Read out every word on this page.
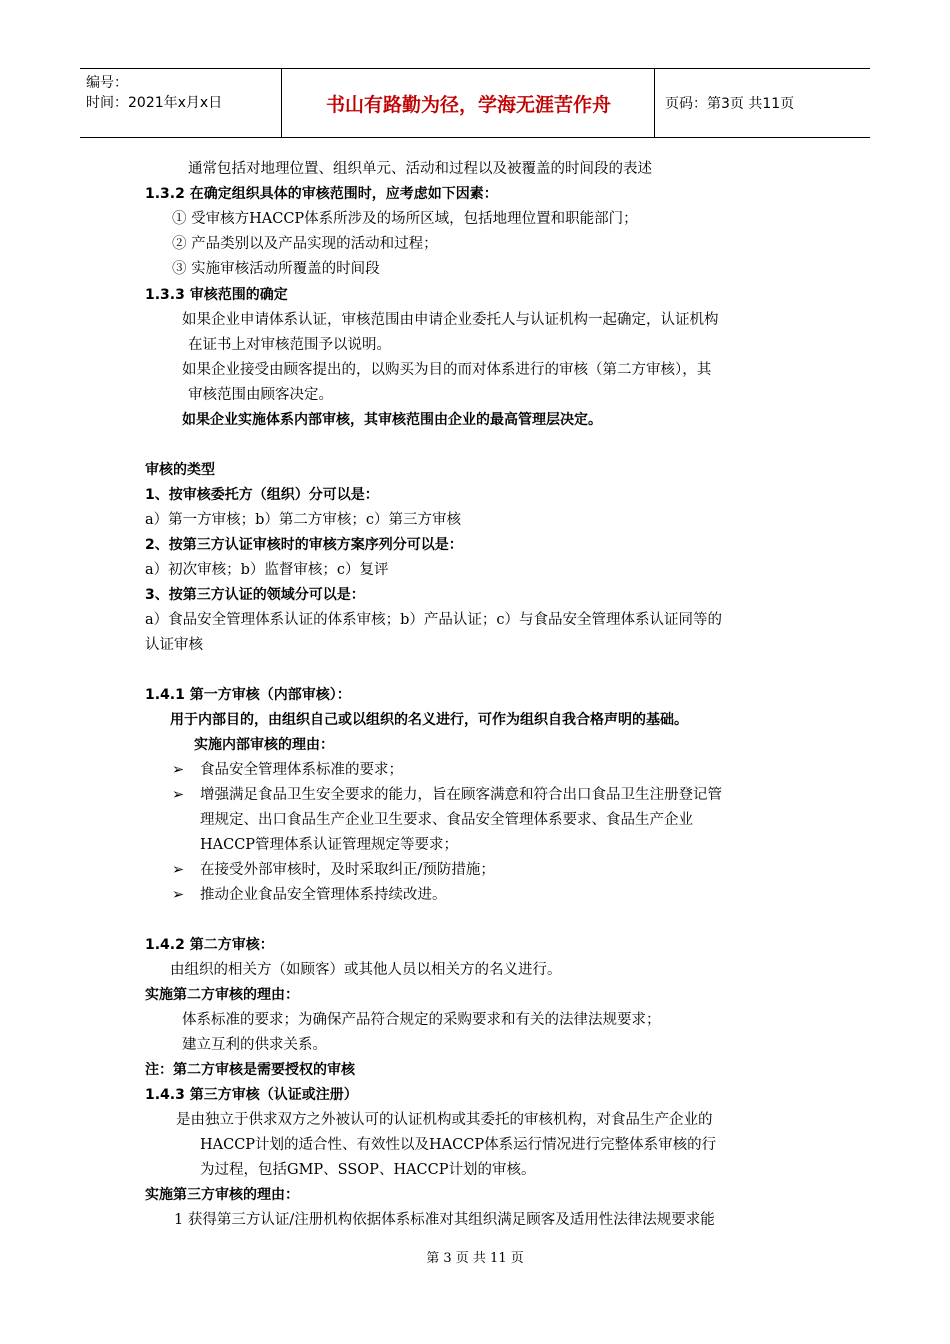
编号：
时间：2021年x月x日	书山有路勤为径，学海无涯苦作舟	页码：第3页 共11页
通常包括对地理位置、组织单元、活动和过程以及被覆盖的时间段的表述
1.3.2 在确定组织具体的审核范围时，应考虑如下因素：
① 受审核方HACCP体系所涉及的场所区域，包括地理位置和职能部门；
② 产品类别以及产品实现的活动和过程；
③ 实施审核活动所覆盖的时间段
1.3.3 审核范围的确定
如果企业申请体系认证，审核范围由申请企业委托人与认证机构一起确定，认证机构
在证书上对审核范围予以说明。
如果企业接受由顾客提出的，以购买为目的而对体系进行的审核（第二方审核），其
审核范围由顾客决定。
如果企业实施体系内部审核，其审核范围由企业的最高管理层决定。
审核的类型
1、按审核委托方（组织）分可以是：
a）第一方审核；b）第二方审核；c）第三方审核
2、按第三方认证审核时的审核方案序列分可以是：
a）初次审核；b）监督审核；c）复评
3、按第三方认证的领域分可以是：
a）食品安全管理体系认证的体系审核；b）产品认证；c）与食品安全管理体系认证同等的
认证审核
1.4.1 第一方审核（内部审核）：
用于内部目的，由组织自己或以组织的名义进行，可作为组织自我合格声明的基础。
实施内部审核的理由：
➢ 食品安全管理体系标准的要求；
➢ 增强满足食品卫生安全要求的能力，旨在顾客满意和符合出口食品卫生注册登记管
理规定、出口食品生产企业卫生要求、食品安全管理体系要求、食品生产企业
HACCP管理体系认证管理规定等要求；
➢ 在接受外部审核时，及时采取纠正/预防措施；
➢ 推动企业食品安全管理体系持续改进。
1.4.2 第二方审核：
由组织的相关方（如顾客）或其他人员以相关方的名义进行。
实施第二方审核的理由：
体系标准的要求；为确保产品符合规定的采购要求和有关的法律法规要求；
建立互利的供求关系。
注：第二方审核是需要授权的审核
1.4.3 第三方审核（认证或注册）
是由独立于供求双方之外被认可的认证机构或其委托的审核机构，对食品生产企业的
HACCP计划的适合性、有效性以及HACCP体系运行情况进行完整体系审核的行
为过程，包括GMP、SSOP、HACCP计划的审核。
实施第三方审核的理由：
1 获得第三方认证/注册机构依据体系标准对其组织满足顾客及适用性法律法规要求能
第 3 页 共 11 页
